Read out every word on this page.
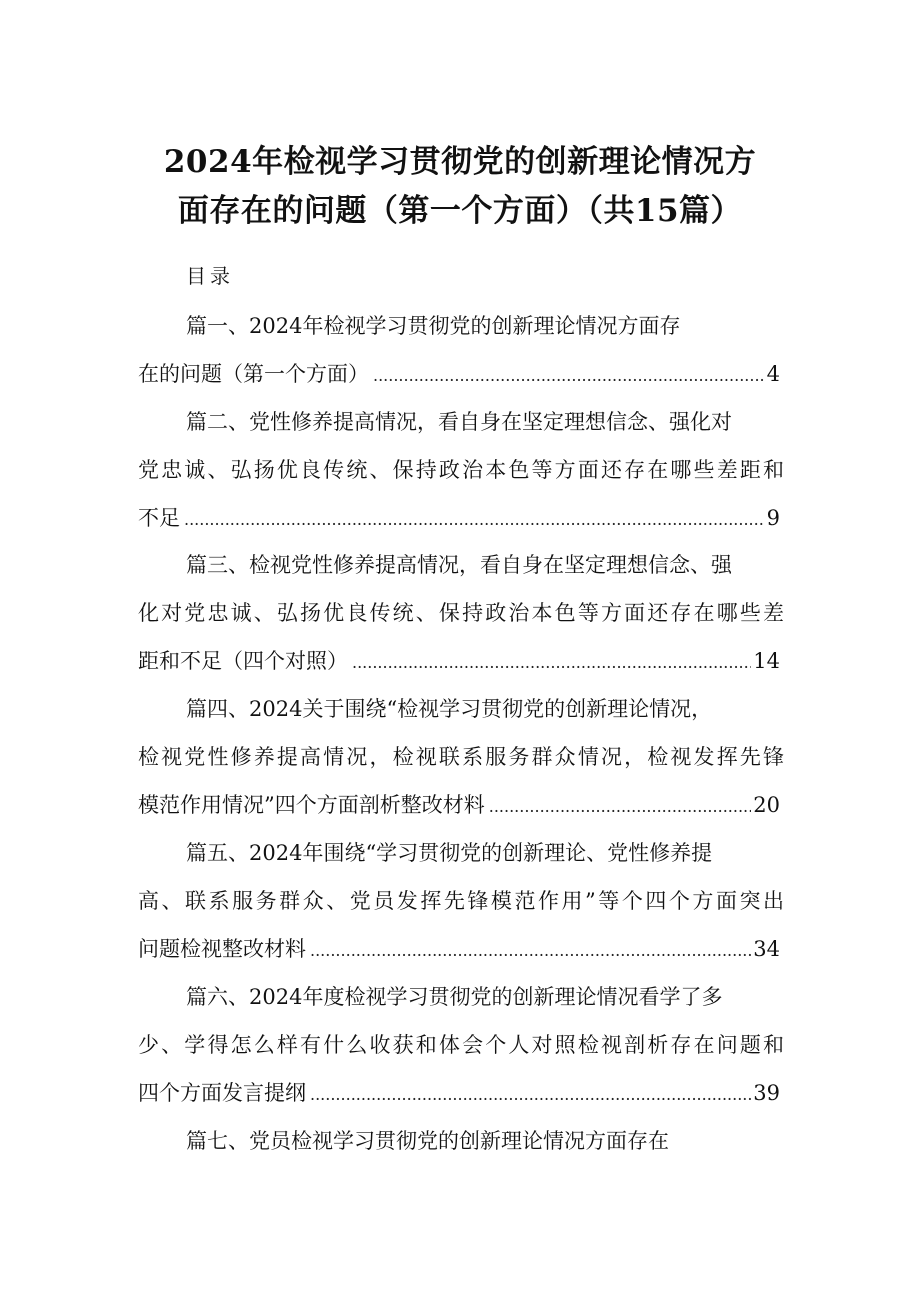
2024年检视学习贯彻党的创新理论情况方
面存在的问题（第一个方面）（共15篇）
目录
篇一、2024年检视学习贯彻党的创新理论情况方面存
在的问题（第一个方面） .....	4
篇二、党性修养提高情况，看自身在坚定理想信念、强化对
党忠诚、弘扬优良传统、保持政治本色等方面还存在哪些差距和
不足 .....	9
篇三、检视党性修养提高情况，看自身在坚定理想信念、强
化对党忠诚、弘扬优良传统、保持政治本色等方面还存在哪些差
距和不足（四个对照） .....	14
篇四、2024关于围绕“检视学习贯彻党的创新理论情况，
检视党性修养提高情况，检视联系服务群众情况，检视发挥先锋
模范作用情况”四个方面剖析整改材料 .....	20
篇五、2024年围绕“学习贯彻党的创新理论、党性修养提
高、联系服务群众、党员发挥先锋模范作用”等个四个方面突出
问题检视整改材料 .....	34
篇六、2024年度检视学习贯彻党的创新理论情况看学了多
少、学得怎么样有什么收获和体会个人对照检视剖析存在问题和
四个方面发言提纲 .....	39
篇七、党员检视学习贯彻党的创新理论情况方面存在
